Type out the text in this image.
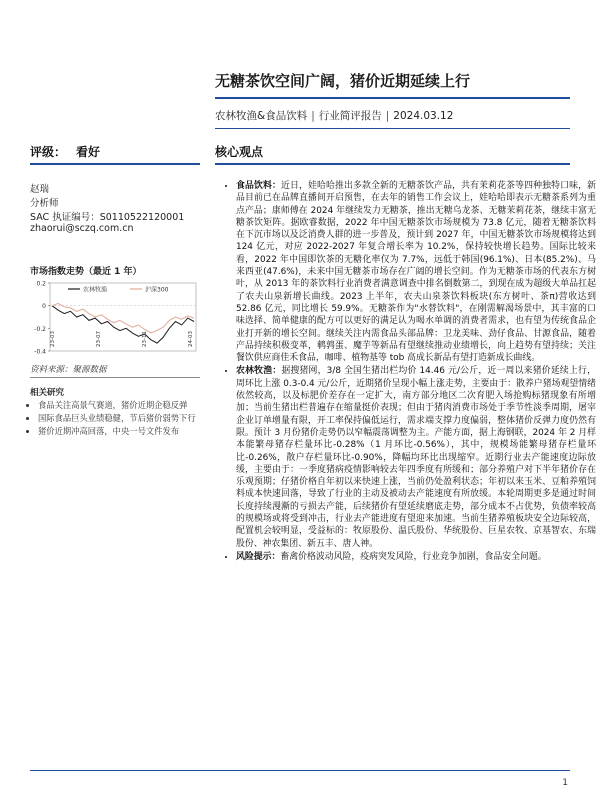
无糖茶饮空间广阔，猪价近期延续上行
农林牧渔&食品饮料 | 行业简评报告 | 2024.03.12
评级： 看好	核心观点
赵瑞
分析师
SAC 执证编号：S0110522120001
zhaorui@sczq.com.cn
市场指数走势（最近 1 年）
0.2
0
-0.2
-0.4
23-03	23-07	23-11	24-03
农林牧渔	沪深300
资料来源：聚源数据
相关研究
• 食品关注高景气赛道，猪价近期企稳反弹
• 国际食品巨头业绩稳健，节后猪价弱势下行
• 猪价近期冲高回落，中央一号文件发布
• 食品饮料：近日，娃哈哈推出多款全新的无糖茶饮产品，共有茉莉花茶等四种独特口味，新品目前已在品牌直播间开启预售，在去年的销售工作会议上，娃哈哈即表示无糖茶系列为重点产品；康师傅在 2024 年继续发力无糖茶，推出无糖乌龙茶、无糖茉莉花茶，继续丰富无糖茶饮矩阵。据欧睿数据，2022 年中国无糖茶饮市场规模为 73.8 亿元，随着无糖茶饮料在下沉市场以及泛消费人群的进一步普及，预计到 2027 年，中国无糖茶饮市场规模将达到 124 亿元，对应 2022-2027 年复合增长率为 10.2%，保持较快增长趋势。国际比较来看，2022 年中国即饮茶的无糖化率仅为 7.7%，远低于韩国(96.1%)、日本(85.2%)、马来西亚(47.6%)，未来中国无糖茶市场存在广阔的增长空间。作为无糖茶市场的代表东方树叶，从 2013 年的茶饮料行业消费者满意调查中排名倒数第二，到现在成为超级大单品扛起了农夫山泉新增长曲线。2023 上半年，农夫山泉茶饮料板块(东方树叶、茶π)营收达到 52.86 亿元，同比增长 59.9%。无糖茶作为"水替饮料"，在刚需解渴场景中，其丰富的口味选择、简单健康的配方可以更好的满足认为喝水单调的消费者需求，也有望为传统食品企业打开新的增长空间。继续关注内需食品头部品牌：卫龙美味、劲仔食品、甘源食品，随着产品持续积极变革，鹌鹑蛋、魔芋等新品有望继续推动业绩增长，向上趋势有望持续；关注餐饮供应商佳禾食品，咖啡、植物基等 tob 高成长新品有望打造新成长曲线。
• 农林牧渔：据搜猪网，3/8 全国生猪出栏均价 14.46 元/公斤，近一周以来猪价延续上行，周环比上涨 0.3-0.4 元/公斤，近期猪价呈现小幅上涨走势，主要由于：散养户猪场观望情绪依然较高，以及标肥价差存在一定扩大，南方部分地区二次育肥入场抢购标猪现象有所增加；当前生猪出栏普遍存在缩量挺价表现；但由于猪肉消费市场处于季节性淡季周期，屠宰企业订单增量有限，开工率保持偏低运行，需求端支撑力度偏弱，整体猪价反弹力度仍然有限。预计 3 月份猪价走势仍以窄幅震荡调整为主。产能方面，据上海钢联，2024 年 2 月样本能繁母猪存栏量环比-0.28%（1 月环比-0.56%），其中，规模场能繁母猪存栏量环比-0.26%，散户存栏量环比-0.90%，降幅均环比出现缩窄。近期行业去产能速度边际放缓，主要由于：一季度猪病疫情影响较去年四季度有所缓和；部分养殖户对下半年猪价存在乐观预期；仔猪价格自年初以来快速上涨，当前仍处盈利状态；年初以来玉米、豆粕养殖饲料成本快速回落，导致了行业的主动及被动去产能速度有所放缓。本轮周期更多是通过时间长度持续漫漸的亏损去产能，后续猪价有望延续磨底走势，部分成本不占优势，负债率较高的规模场或将受到冲击，行业去产能进度有望迎来加速。当前生猪养殖板块安全边际较高，配置机会较明显，受益标的：牧原股份、温氏股份、华统股份、巨星农牧、京基智农、东瑞股份、神农集团、新五丰、唐人神。
• 风险提示：畜禽价格波动风险，疫病突发风险，行业竞争加剧，食品安全问题。
1
